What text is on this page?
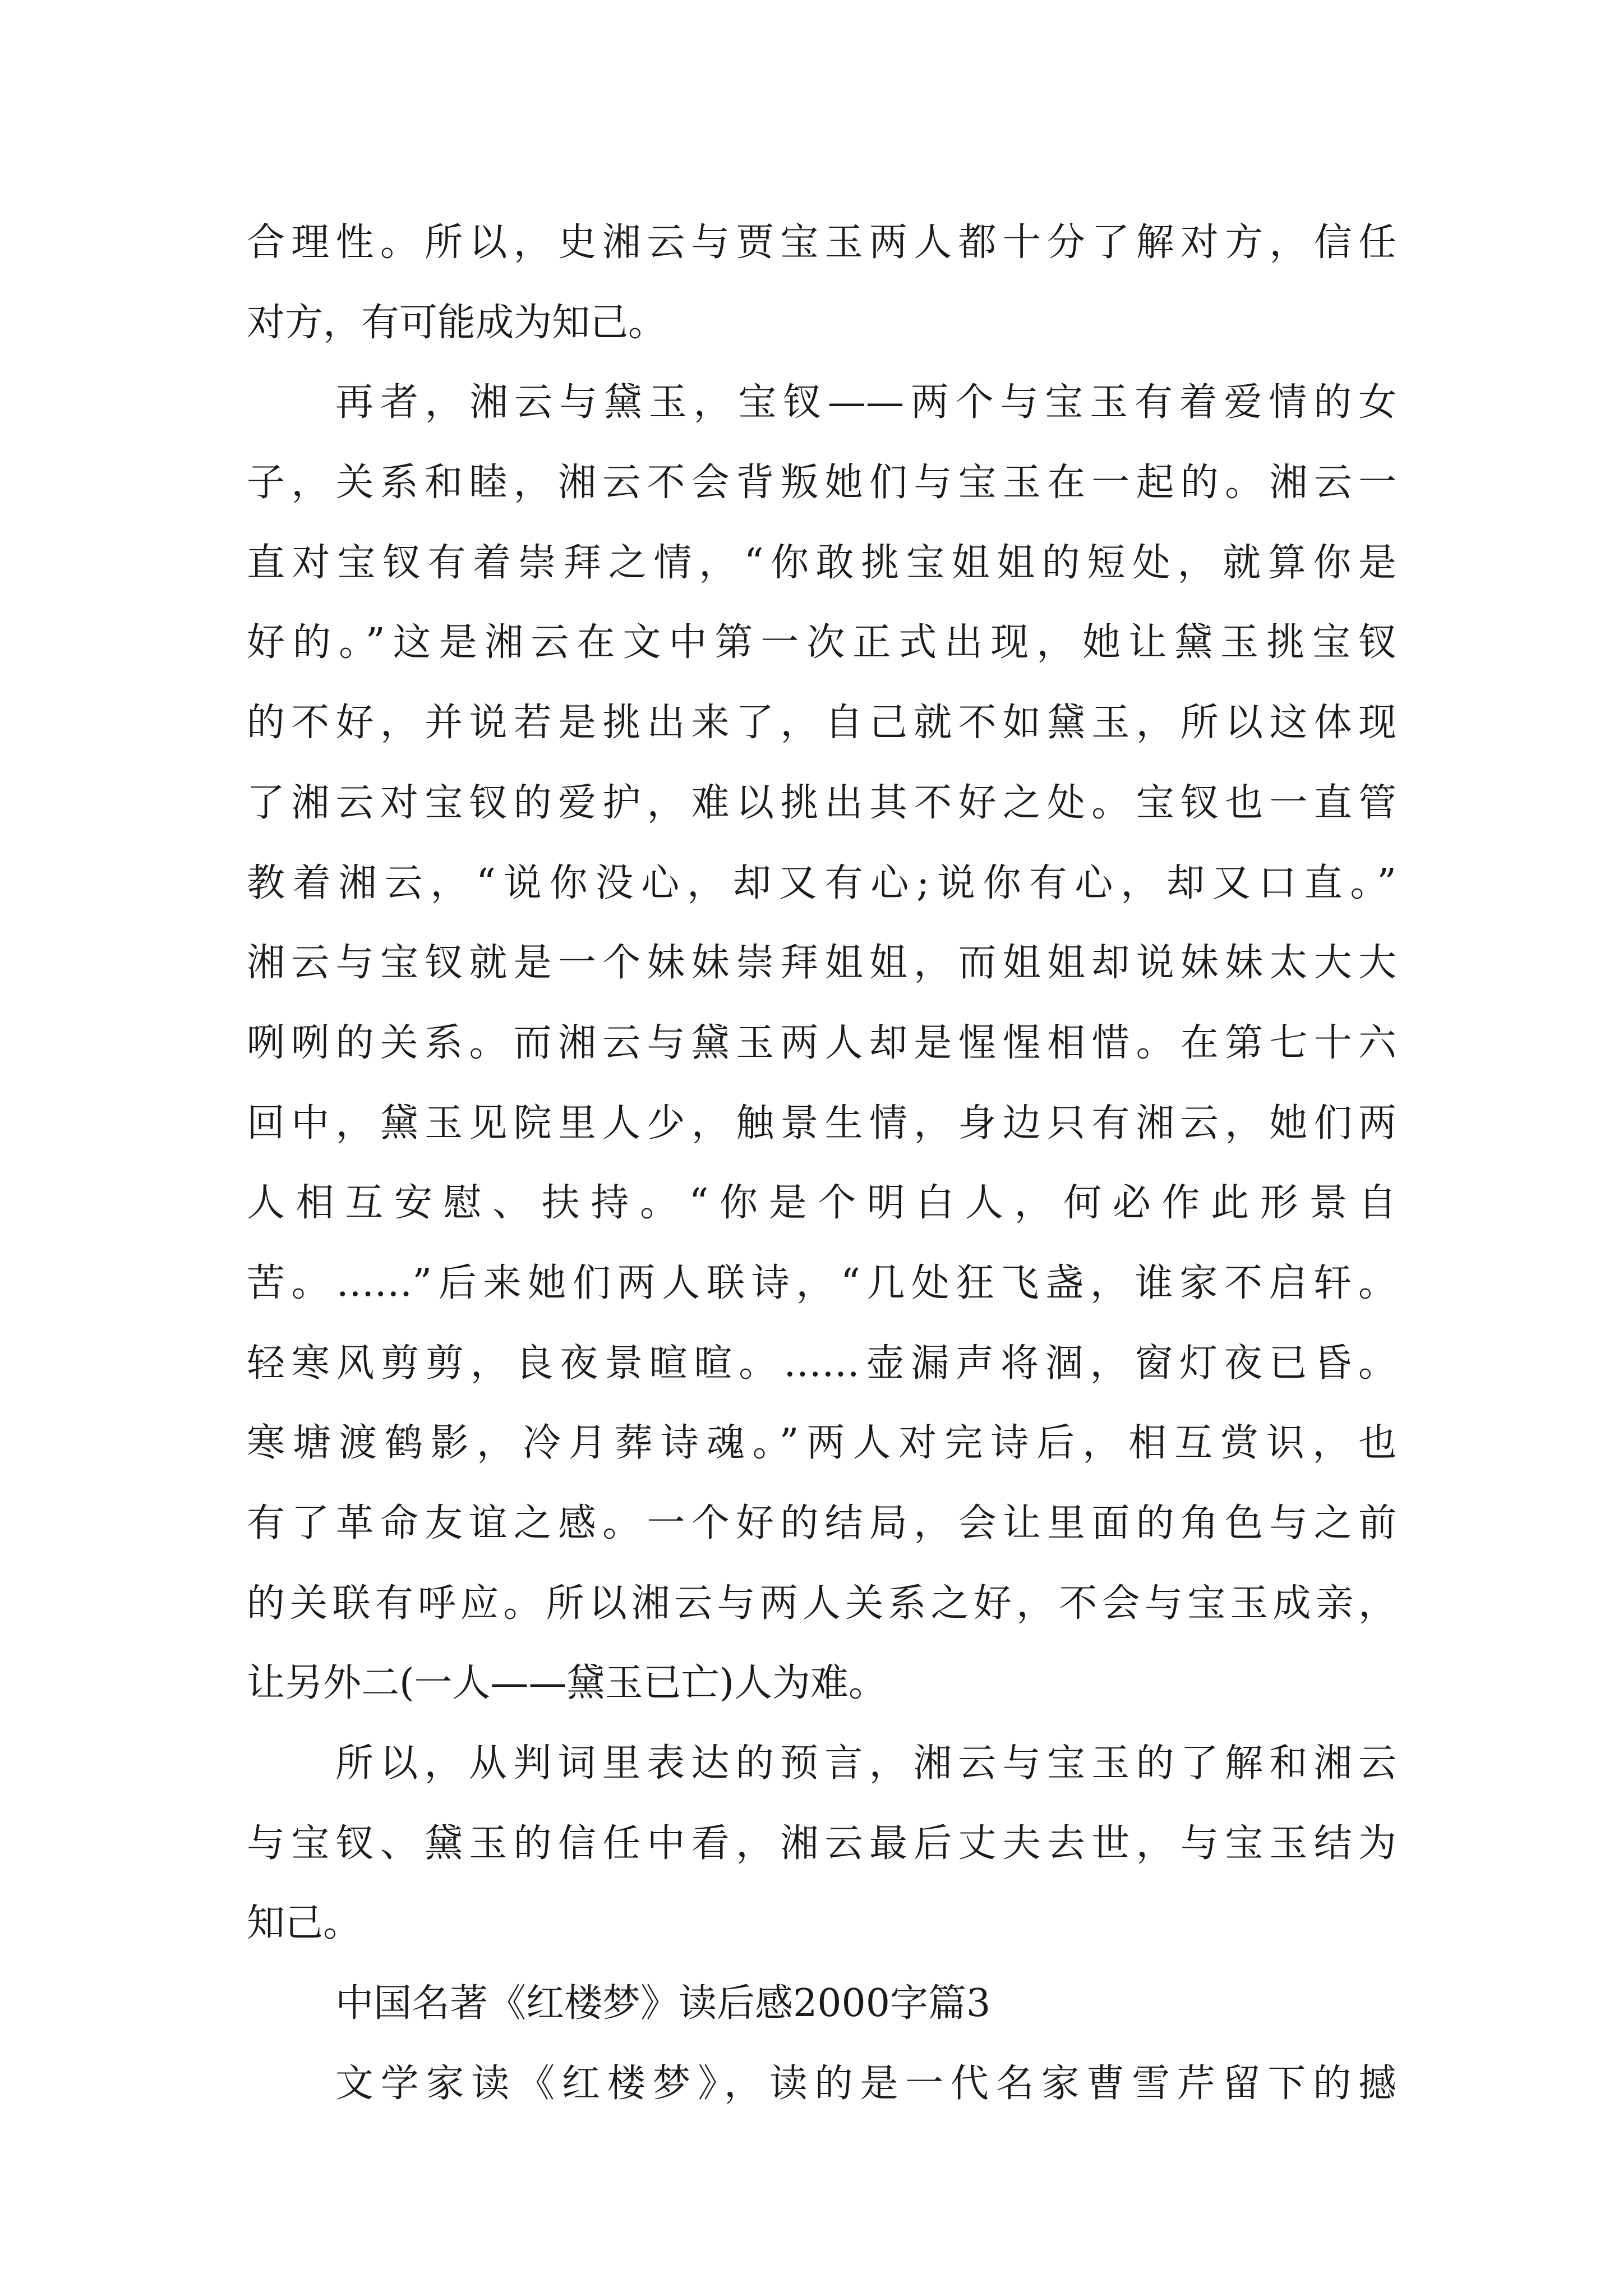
合理性。所以，史湘云与贾宝玉两人都十分了解对方，信任
对方，有可能成为知己。
再者，湘云与黛玉，宝钗——两个与宝玉有着爱情的女
子，关系和睦，湘云不会背叛她们与宝玉在一起的。湘云一
直对宝钗有着崇拜之情，“你敢挑宝姐姐的短处，就算你是
好的。”这是湘云在文中第一次正式出现，她让黛玉挑宝钗
的不好，并说若是挑出来了，自己就不如黛玉，所以这体现
了湘云对宝钗的爱护，难以挑出其不好之处。宝钗也一直管
教着湘云，“说你没心，却又有心;说你有心，却又口直。”
湘云与宝钗就是一个妹妹崇拜姐姐，而姐姐却说妹妹太大大
咧咧的关系。而湘云与黛玉两人却是惺惺相惜。在第七十六
回中，黛玉见院里人少，触景生情，身边只有湘云，她们两
人相互安慰、扶持。“你是个明白人，何必作此形景自
苦。……”后来她们两人联诗，“几处狂飞盏，谁家不启轩。
轻寒风剪剪，良夜景暄暄。……壶漏声将涸，窗灯夜已昏。
寒塘渡鹤影，冷月葬诗魂。”两人对完诗后，相互赏识，也
有了革命友谊之感。一个好的结局，会让里面的角色与之前
的关联有呼应。所以湘云与两人关系之好，不会与宝玉成亲，
让另外二(一人——黛玉已亡)人为难。
所以，从判词里表达的预言，湘云与宝玉的了解和湘云
与宝钗、黛玉的信任中看，湘云最后丈夫去世，与宝玉结为
知己。
中国名著《红楼梦》读后感2000字篇3
文学家读《红楼梦》，读的是一代名家曹雪芹留下的撼
